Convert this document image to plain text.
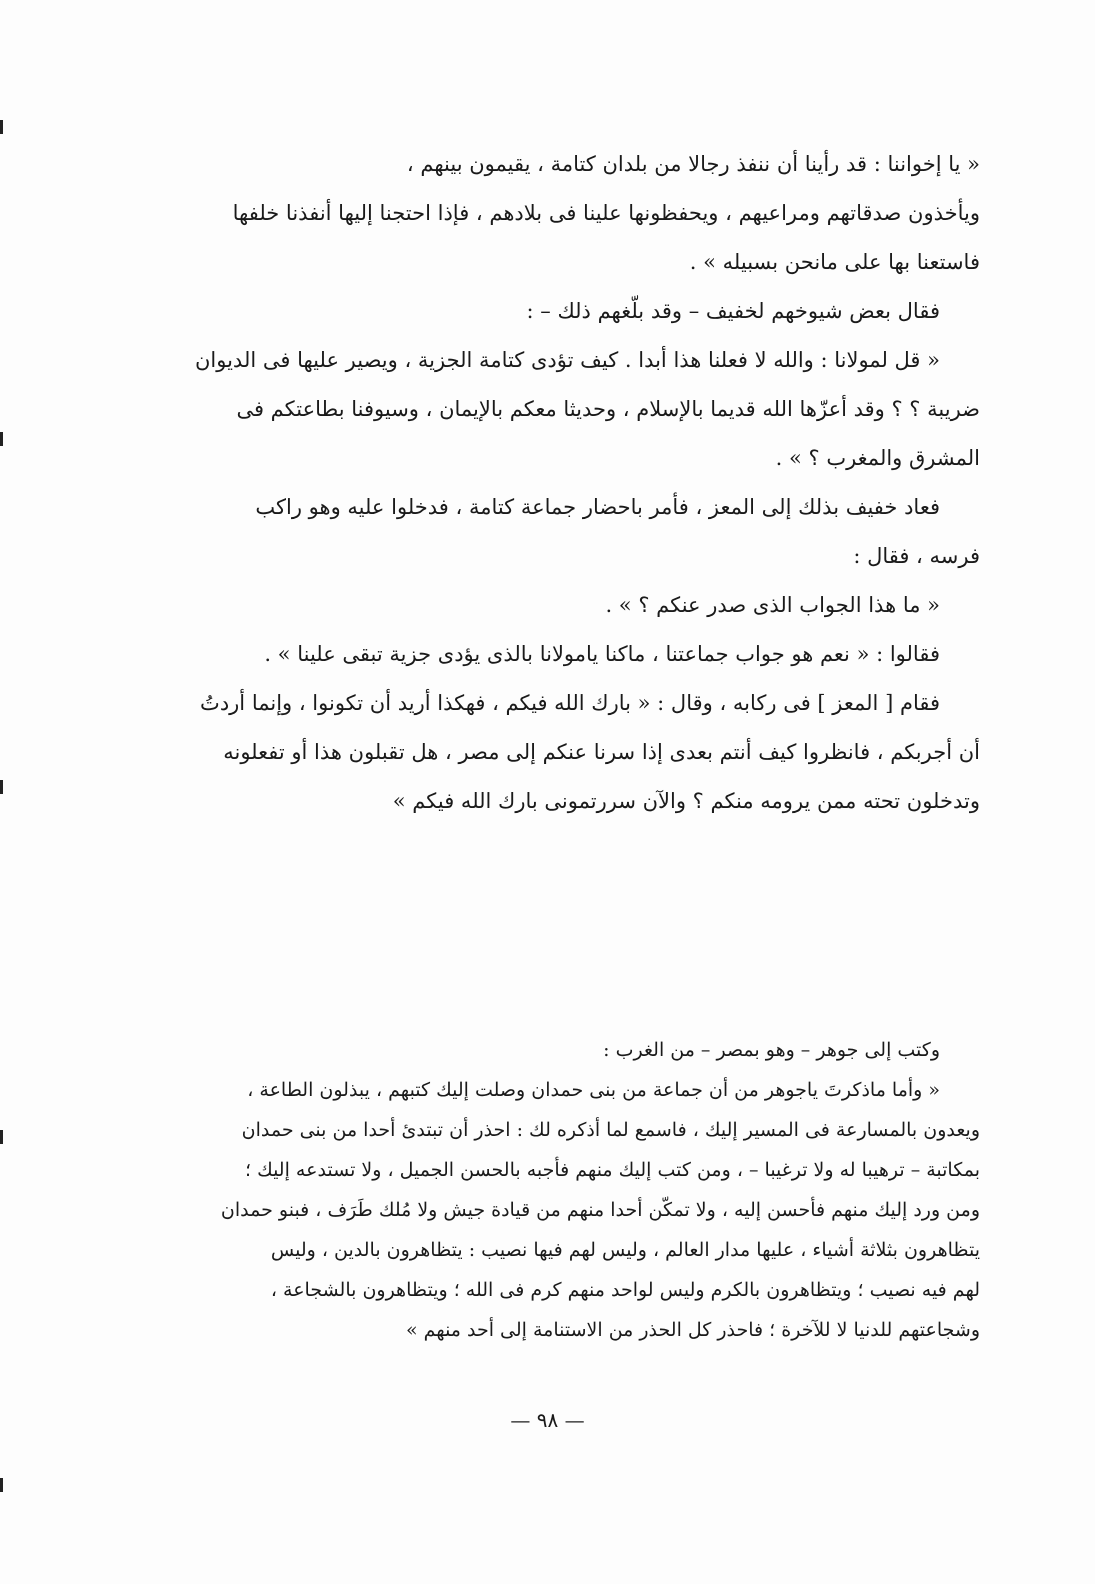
« يا إخواننا : قد رأينا أن ننفذ رجالا من بلدان كتامة ، يقيمون بينهم ،
ويأخذون صدقاتهم ومراعيهم ، ويحفظونها علينا فى بلادهم ، فإذا احتجنا إليها أنفذنا خلفها
فاستعنا بها على مانحن بسبيله » .
فقال بعض شيوخهم لخفيف – وقد بلّغهم ذلك – :
« قل لمولانا : والله لا فعلنا هذا أبدا . كيف تؤدى كتامة الجزية ، ويصير عليها فى الديوان
ضريبة ؟ ؟ وقد أعزّها الله قديما بالإسلام ، وحديثا معكم بالإيمان ، وسيوفنا بطاعتكم فى
المشرق والمغرب ؟ » .
فعاد خفيف بذلك إلى المعز ، فأمر باحضار جماعة كتامة ، فدخلوا عليه وهو راكب
فرسه ، فقال :
« ما هذا الجواب الذى صدر عنكم ؟ » .
فقالوا : « نعم هو جواب جماعتنا ، ماكنا يامولانا بالذى يؤدى جزية تبقى علينا » .
فقام [ المعز ] فى ركابه ، وقال : « بارك الله فيكم ، فهكذا أريد أن تكونوا ، وإنما أردتُ
أن أجربكم ، فانظروا كيف أنتم بعدى إذا سرنا عنكم إلى مصر ، هل تقبلون هذا أو تفعلونه
وتدخلون تحته ممن يرومه منكم ؟ والآن سررتمونى بارك الله فيكم »
وكتب إلى جوهر – وهو بمصر – من الغرب :
« وأما ماذكرتَ ياجوهر من أن جماعة من بنى حمدان وصلت إليك كتبهم ، يبذلون الطاعة ،
ويعدون بالمسارعة فى المسير إليك ، فاسمع لما أذكره لك : احذر أن تبتدئ أحدا من بنى حمدان
بمكاتبة – ترهيبا له ولا ترغيبا – ، ومن كتب إليك منهم فأجبه بالحسن الجميل ، ولا تستدعه إليك ؛
ومن ورد إليك منهم فأحسن إليه ، ولا تمكّن أحدا منهم من قيادة جيش ولا مُلك طَرَف ، فبنو حمدان
يتظاهرون بثلاثة أشياء ، عليها مدار العالم ، وليس لهم فيها نصيب : يتظاهرون بالدين ، وليس
لهم فيه نصيب ؛ ويتظاهرون بالكرم وليس لواحد منهم كرم فى الله ؛ ويتظاهرون بالشجاعة ،
وشجاعتهم للدنيا لا للآخرة ؛ فاحذر كل الحذر من الاستنامة إلى أحد منهم »
— ٩٨ —
